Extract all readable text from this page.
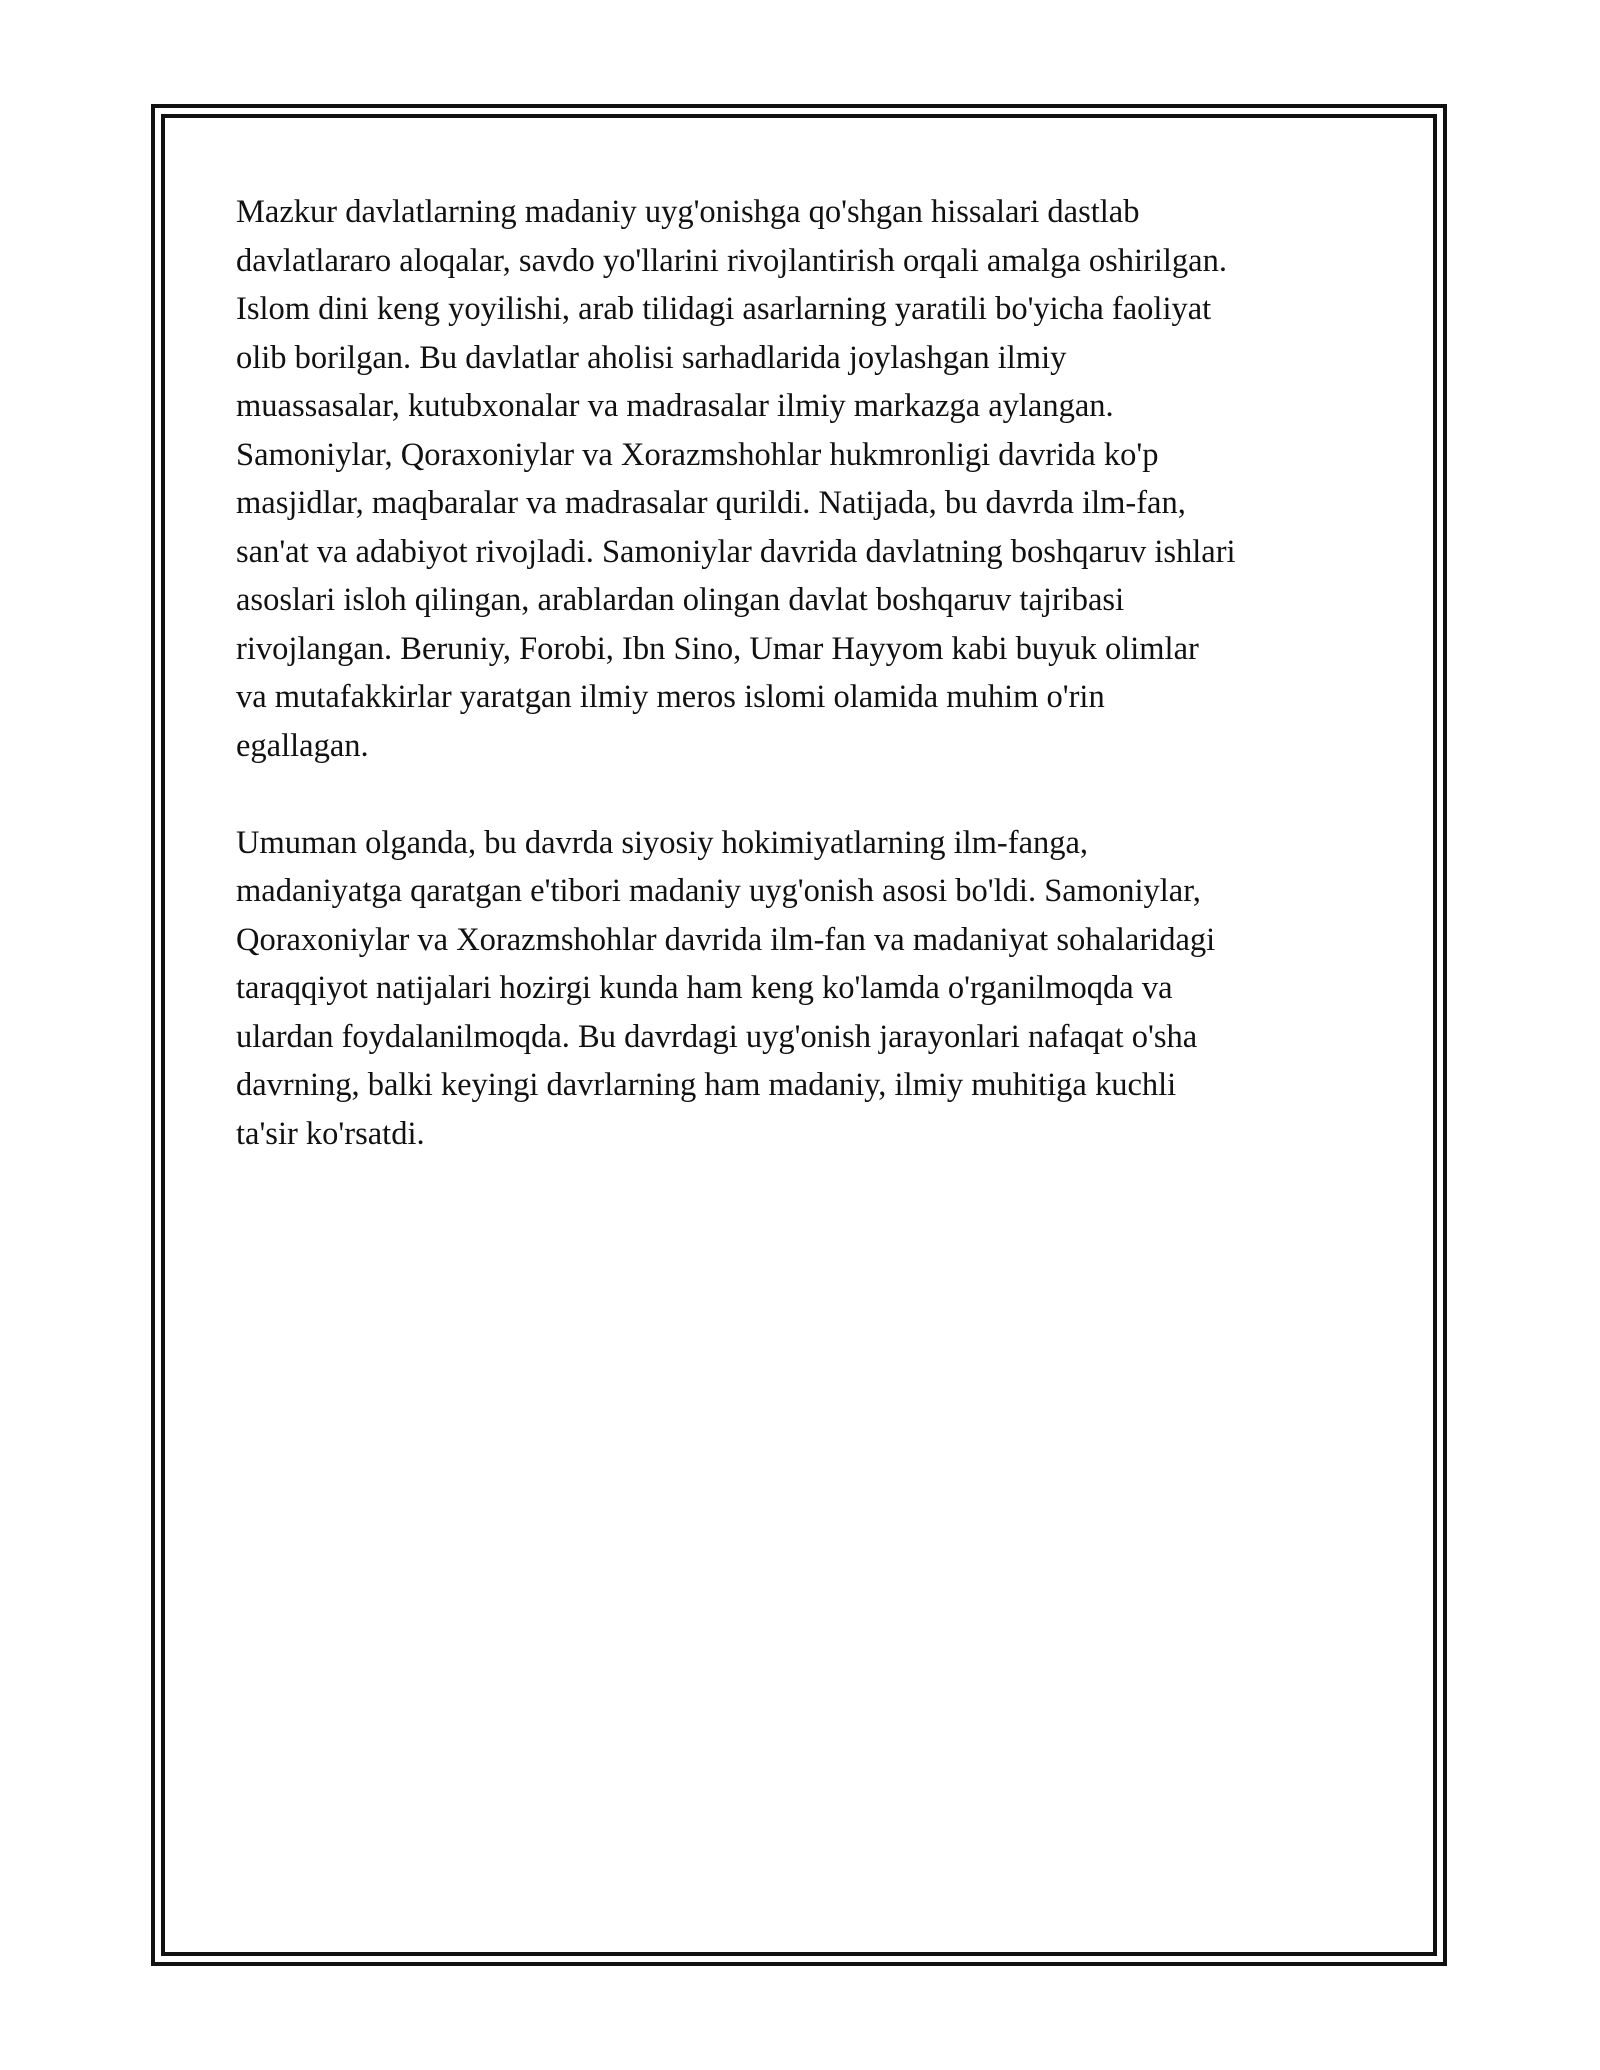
Mazkur davlatlarning madaniy uyg'onishga qo'shgan hissalari dastlab
davlatlararo aloqalar, savdo yo'llarini rivojlantirish orqali amalga oshirilgan.
Islom dini keng yoyilishi, arab tilidagi asarlarning yaratili bo'yicha faoliyat
olib borilgan. Bu davlatlar aholisi sarhadlarida joylashgan ilmiy
muassasalar, kutubxonalar va madrasalar ilmiy markazga aylangan.
Samoniylar, Qoraxoniylar va Xorazmshohlar hukmronligi davrida ko'p
masjidlar, maqbaralar va madrasalar qurildi. Natijada, bu davrda ilm-fan,
san'at va adabiyot rivojladi. Samoniylar davrida davlatning boshqaruv ishlari
asoslari isloh qilingan, arablardan olingan davlat boshqaruv tajribasi
rivojlangan. Beruniy, Forobi, Ibn Sino, Umar Hayyom kabi buyuk olimlar
va mutafakkirlar yaratgan ilmiy meros islomi olamida muhim o'rin
egallagan.

Umuman olganda, bu davrda siyosiy hokimiyatlarning ilm-fanga,
madaniyatga qaratgan e'tibori madaniy uyg'onish asosi bo'ldi. Samoniylar,
Qoraxoniylar va Xorazmshohlar davrida ilm-fan va madaniyat sohalaridagi
taraqqiyot natijalari hozirgi kunda ham keng ko'lamda o'rganilmoqda va
ulardan foydalanilmoqda. Bu davrdagi uyg'onish jarayonlari nafaqat o'sha
davrning, balki keyingi davrlarning ham madaniy, ilmiy muhitiga kuchli
ta'sir ko'rsatdi.
